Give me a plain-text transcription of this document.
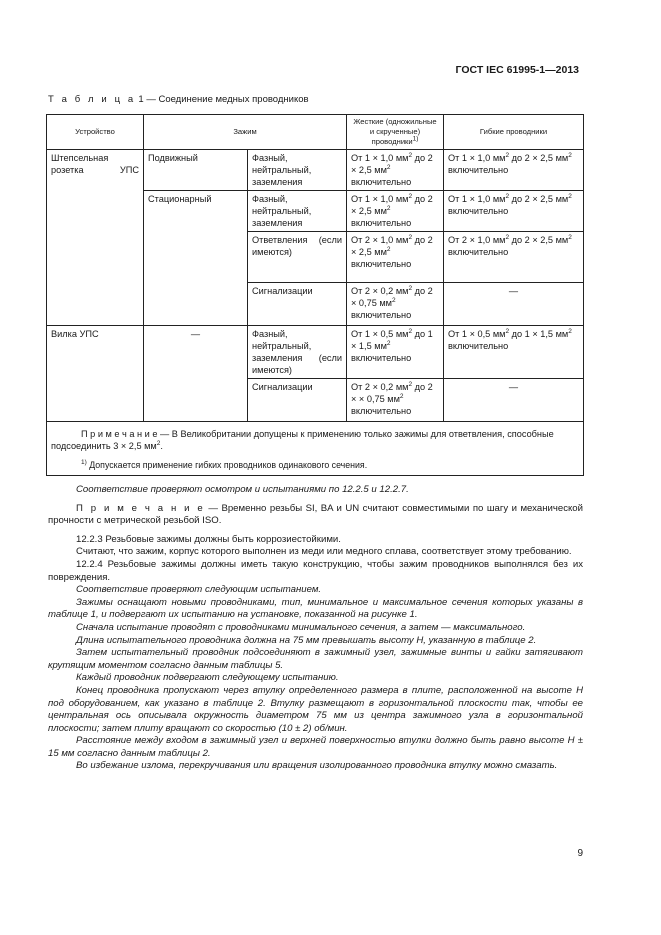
ГОСТ IEC 61995-1—2013
Т а б л и ц а 1 — Соединение медных проводников
Устройство	Зажим		Жесткие (одножильные и скрученные) проводники$^{1)}$	Гибкие проводники
Штепсельная розетка УПС	Подвижный	Фазный, нейтральный, заземления	От 1 × 1,0 $мм^2$ до 2 × 2,5 $мм^2$ включительно	От 1 × 1,0 $мм^2$ до 2 × 2,5 $мм^2$ включительно
	Стационарный	Фазный, нейтральный, заземления	От 1 × 1,0 $мм^2$ до 2 × 2,5 $мм^2$ включительно	От 1 × 1,0 $мм^2$ до 2 × 2,5 $мм^2$ включительно
		Ответвления (если имеются)	От 2 × 1,0 $мм^2$ до 2 × 2,5 $мм^2$ включительно	От 2 × 1,0 $мм^2$ до 2 × 2,5 $мм^2$ включительно
		Сигнализации	От 2 × 0,2 $мм^2$ до 2 × 0,75 $мм^2$ включительно	—
Вилка УПС	—	Фазный, нейтральный, заземления (если имеются)	От 1 × 0,5 $мм^2$ до 1 × 1,5 $мм^2$ включительно	От 1 × 0,5 $мм^2$ до 1 × 1,5 $мм^2$ включительно
		Сигнализации	От 2 × 0,2 $мм^2$ до 2 × × 0,75 $мм^2$ включительно	—

П р и м е ч а н и е — В Великобритании допущены к применению только зажимы для ответвления, способные подсоединить 3 × 2,5 $мм^2$.

$^{1)}$ Допускается применение гибких проводников одинакового сечения.				

Соответствие проверяют осмотром и испытаниями по 12.2.5 и 12.2.7.

П р и м е ч а н и е — Временно резьбы SI, BA и UN считают совместимыми по шагу и механической прочности с метрической резьбой ISO.

12.2.3 Резьбовые зажимы должны быть коррозиестойкими.

Считают, что зажим, корпус которого выполнен из меди или медного сплава, соответствует этому требованию.

12.2.4 Резьбовые зажимы должны иметь такую конструкцию, чтобы зажим проводников выполнялся без их повреждения.

Соответствие проверяют следующим испытанием.

Зажимы оснащают новыми проводниками, тип, минимальное и максимальное сечения которых указаны в таблице 1, и подвергают их испытанию на установке, показанной на рисунке 1.

Сначала испытание проводят с проводниками минимального сечения, а затем — максимального.

Длина испытательного проводника должна на 75 мм превышать высоту H, указанную в таблице 2.

Затем испытательный проводник подсоединяют в зажимный узел, зажимные винты и гайки затягивают крутящим моментом согласно данным таблицы 5.

Каждый проводник подвергают следующему испытанию.

Конец проводника пропускают через втулку определенного размера в плите, расположенной на высоте H под оборудованием, как указано в таблице 2. Втулку размещают в горизонтальной плоскости так, чтобы ее центральная ось описывала окружность диаметром 75 мм из центра зажимного узла в горизонтальной плоскости; затем плиту вращают со скоростью (10 ± 2) об/мин.

Расстояние между входом в зажимный узел и верхней поверхностью втулки должно быть равно высоте H ± 15 мм согласно данным таблицы 2.

Во избежание излома, перекручивания или вращения изолированного проводника втулку можно смазать.

9
